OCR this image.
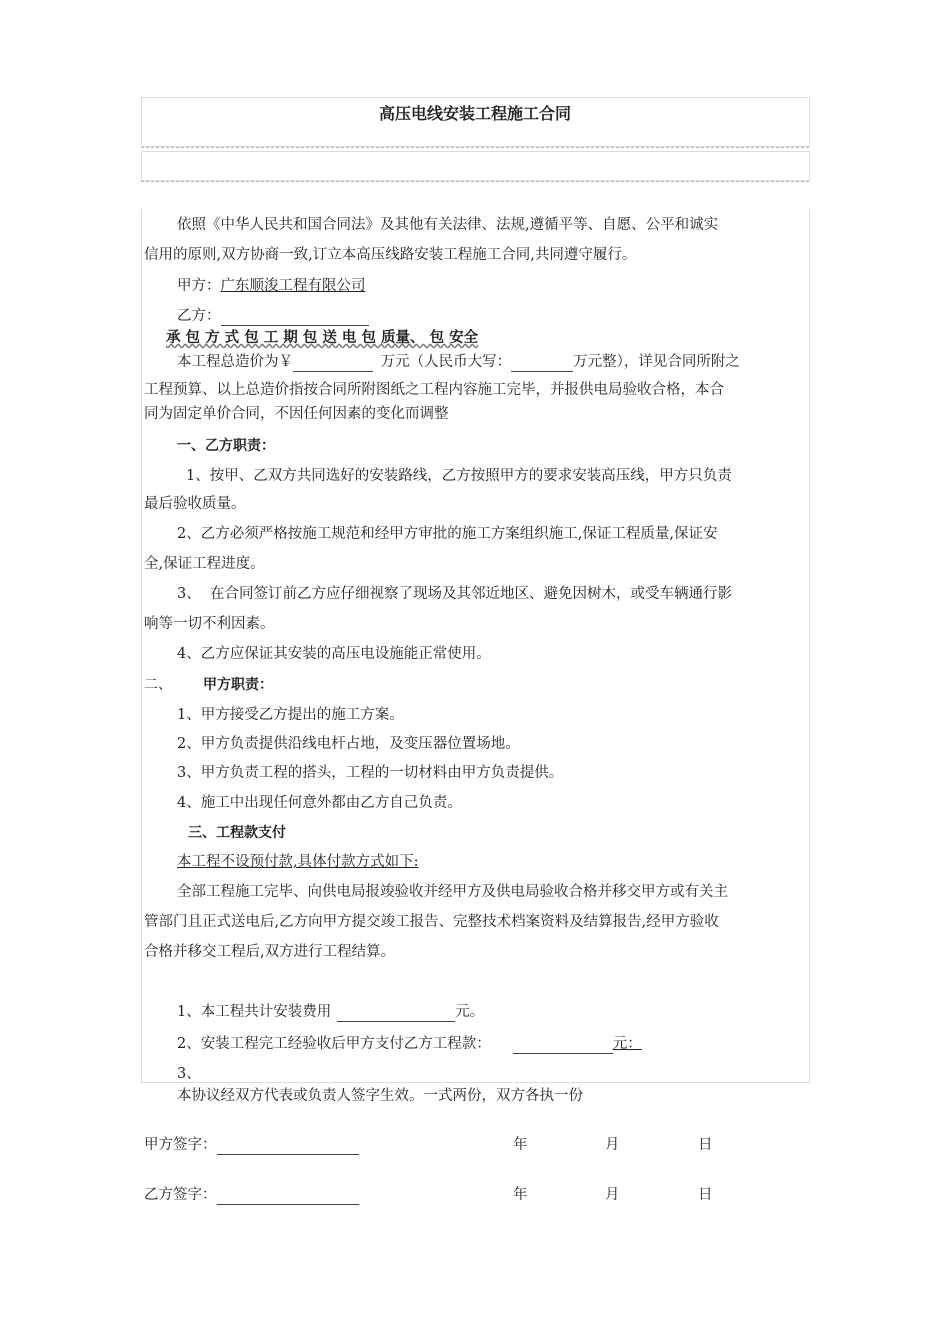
高压电线安装工程施工合同
依照《中华人民共和国合同法》及其他有关法律、法规,遵循平等、自愿、公平和诚实
信用的原则,双方协商一致,订立本高压线路安装工程施工合同,共同遵守履行。
甲方：广东顺浚工程有限公司
乙方：
承 包 方 式 包 工 期 包 送 电 包 质量、 包 安全
本工程总造价为￥	万元（人民币大写：	万元整），详见合同所附之
工程预算、以上总造价指按合同所附图纸之工程内容施工完毕，并报供电局验收合格，本合
同为固定单价合同，不因任何因素的变化而调整
一、乙方职责：
1、按甲、乙双方共同选好的安装路线，乙方按照甲方的要求安装高压线，甲方只负责
最后验收质量。
2、乙方必须严格按施工规范和经甲方审批的施工方案组织施工,保证工程质量,保证安
全,保证工程进度。
3、  在合同签订前乙方应仔细视察了现场及其邻近地区、避免因树木，或受车辆通行影
响等一切不利因素。
4、乙方应保证其安装的高压电设施能正常使用。
二、 甲方职责：
1、甲方接受乙方提出的施工方案。
2、甲方负责提供沿线电杆占地，及变压器位置场地。
3、甲方负责工程的搭头，工程的一切材料由甲方负责提供。
4、施工中出现任何意外都由乙方自己负责。
三、工程款支付
本工程不设预付款,具体付款方式如下:
全部工程施工完毕、向供电局报竣验收并经甲方及供电局验收合格并移交甲方或有关主
管部门且正式送电后,乙方向甲方提交竣工报告、完整技术档案资料及结算报告,经甲方验收
合格并移交工程后,双方进行工程结算。
1、本工程共计安装费用	元。
2、安装工程完工经验收后甲方支付乙方工程款：	元：
3、
本协议经双方代表或负责人签字生效。一式两份，双方各执一份
甲方签字：	年	月	日
乙方签字：	年	月	日
